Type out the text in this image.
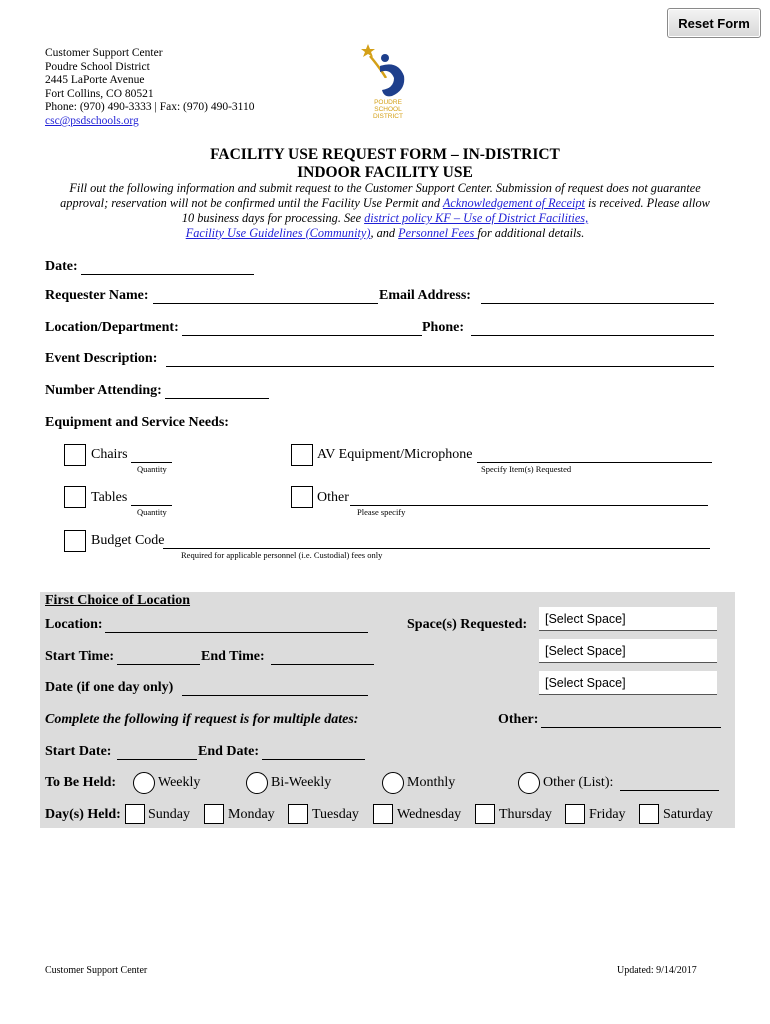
Reset Form
Customer Support Center
Poudre School District
2445 LaPorte Avenue
Fort Collins, CO 80521
Phone: (970) 490-3333 | Fax: (970) 490-3110
csc@psdschools.org
POUDRE
SCHOOL
DISTRICT
FACILITY USE REQUEST FORM – IN-DISTRICT
INDOOR FACILITY USE
Fill out the following information and submit request to the Customer Support Center. Submission of request does not guarantee
approval; reservation will not be confirmed until the Facility Use Permit and Acknowledgement of Receipt is received. Please allow
10 business days for processing. See district policy KF – Use of District Facilities,
Facility Use Guidelines (Community), and Personnel Fees for additional details.
Date:
Requester Name:	Email Address:
Location/Department:	Phone:
Event Description:
Number Attending:
Equipment and Service Needs:
Chairs
Quantity
AV Equipment/Microphone
Specify Item(s) Requested
Tables
Quantity
Other
Please specify
Budget Code
Required for applicable personnel (i.e. Custodial) fees only
First Choice of Location
Location:	Space(s) Requested:	[Select Space]
[Select Space]
[Select Space]
Start Time:	End Time:
Date (if one day only)
Complete the following if request is for multiple dates:	Other:
Start Date:	End Date:
To Be Held:	Weekly	Bi-Weekly	Monthly	Other (List):
Day(s) Held: Sunday	Monday	Tuesday	Wednesday	Thursday	Friday	Saturday
Customer Support Center	Updated: 9/14/2017
